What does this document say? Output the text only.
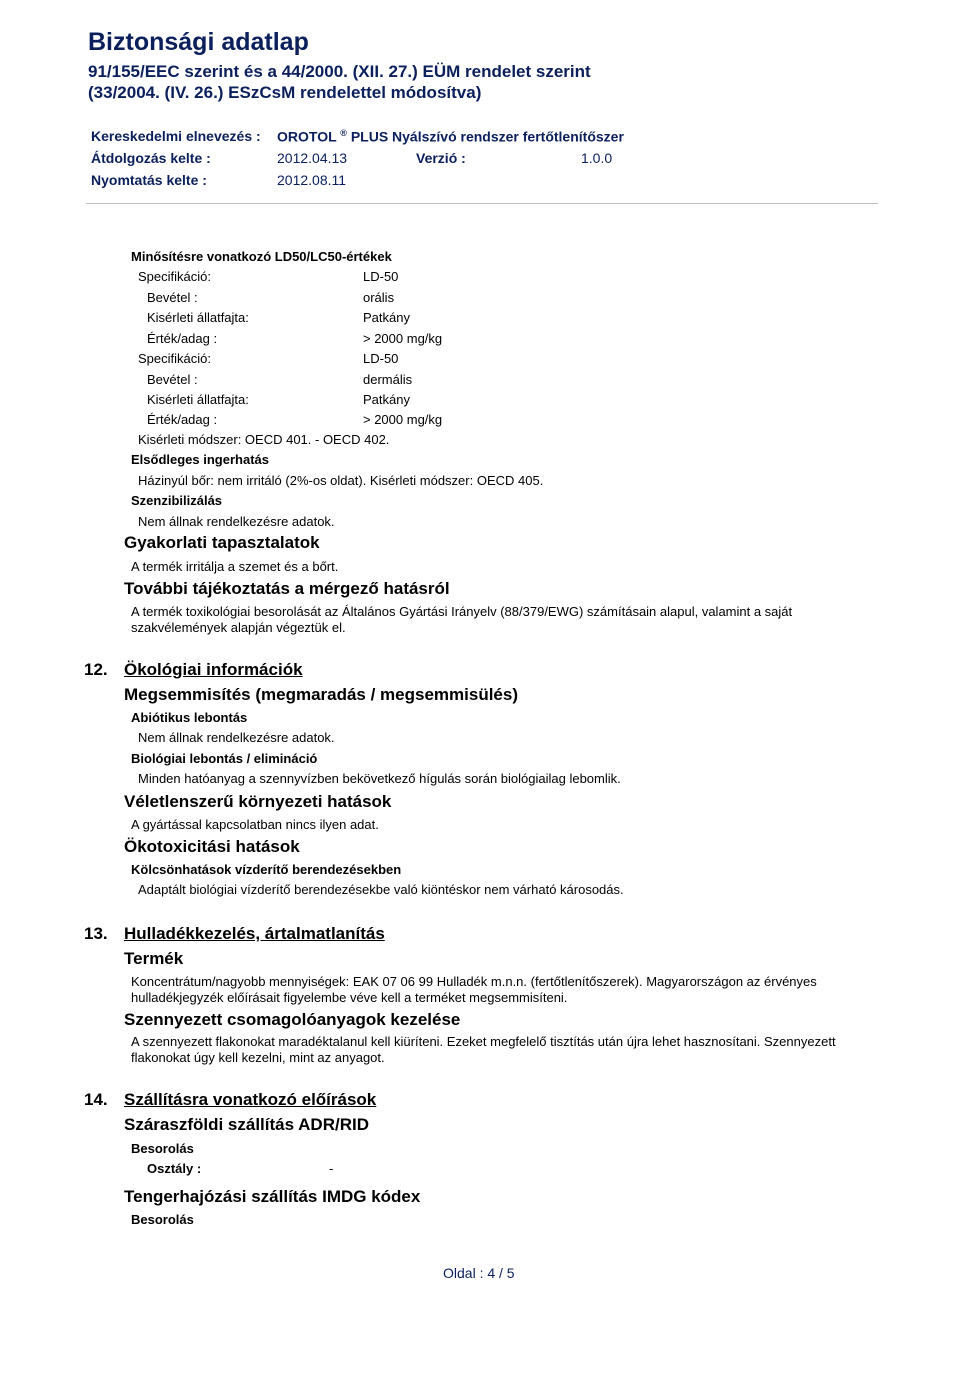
Biztonsági adatlap
91/155/EEC szerint és a 44/2000. (XII. 27.) EÜM rendelet szerint
(33/2004. (IV. 26.) ESzCsM rendelettel módosítva)
Kereskedelmi elnevezés : OROTOL ® PLUS Nyálszívó rendszer fertőtlenítőszer
Átdolgozás kelte :	2012.04.13	Verzió :	1.0.0
Nyomtatás kelte :	2012.08.11
Minősítésre vonatkozó LD50/LC50-értékek
Specifikáció:	LD-50
Bevétel :	orális
Kisérleti állatfajta:	Patkány
Érték/adag :	> 2000 mg/kg
Specifikáció:	LD-50
Bevétel :	dermális
Kisérleti állatfajta:	Patkány
Érték/adag :	> 2000 mg/kg
Kisérleti módszer: OECD 401. - OECD 402.
Elsődleges ingerhatás
Házinyúl bőr: nem irritáló (2%-os oldat). Kisérleti módszer: OECD 405.
Szenzibilizálás
Nem állnak rendelkezésre adatok.
Gyakorlati tapasztalatok
A termék irritálja a szemet és a bőrt.
További tájékoztatás a mérgező hatásról
A termék toxikológiai besorolását az Általános Gyártási Irányelv (88/379/EWG) számításain alapul, valamint a saját szakvélemények alapján végeztük el.
12. Ökológiai információk
Megsemmisítés (megmaradás / megsemmisülés)
Abiótikus lebontás
Nem állnak rendelkezésre adatok.
Biológiai lebontás / elimináció
Minden hatóanyag a szennyvízben bekövetkező hígulás során biológiailag lebomlik.
Véletlenszerű környezeti hatások
A gyártással kapcsolatban nincs ilyen adat.
Ökotoxicitási hatások
Kölcsönhatások vízderítő berendezésekben
Adaptált biológiai vízderítő berendezésekbe való kiöntéskor nem várható károsodás.
13. Hulladékkezelés, ártalmatlanítás
Termék
Koncentrátum/nagyobb mennyiségek: EAK 07 06 99 Hulladék m.n.n. (fertőtlenítőszerek). Magyarországon az érvényes hulladékjegyzék előírásait figyelembe véve kell a terméket megsemmisíteni.
Szennyezett csomagolóanyagok kezelése
A szennyezett flakonokat maradéktalanul kell kiüríteni. Ezeket megfelelő tisztítás után újra lehet hasznosítani. Szennyezett flakonokat úgy kell kezelni, mint az anyagot.
14. Szállításra vonatkozó előírások
Száraszföldi szállítás ADR/RID
Besorolás
Osztály :	-
Tengerhajózási szállítás IMDG kódex
Besorolás
Oldal : 4 / 5
